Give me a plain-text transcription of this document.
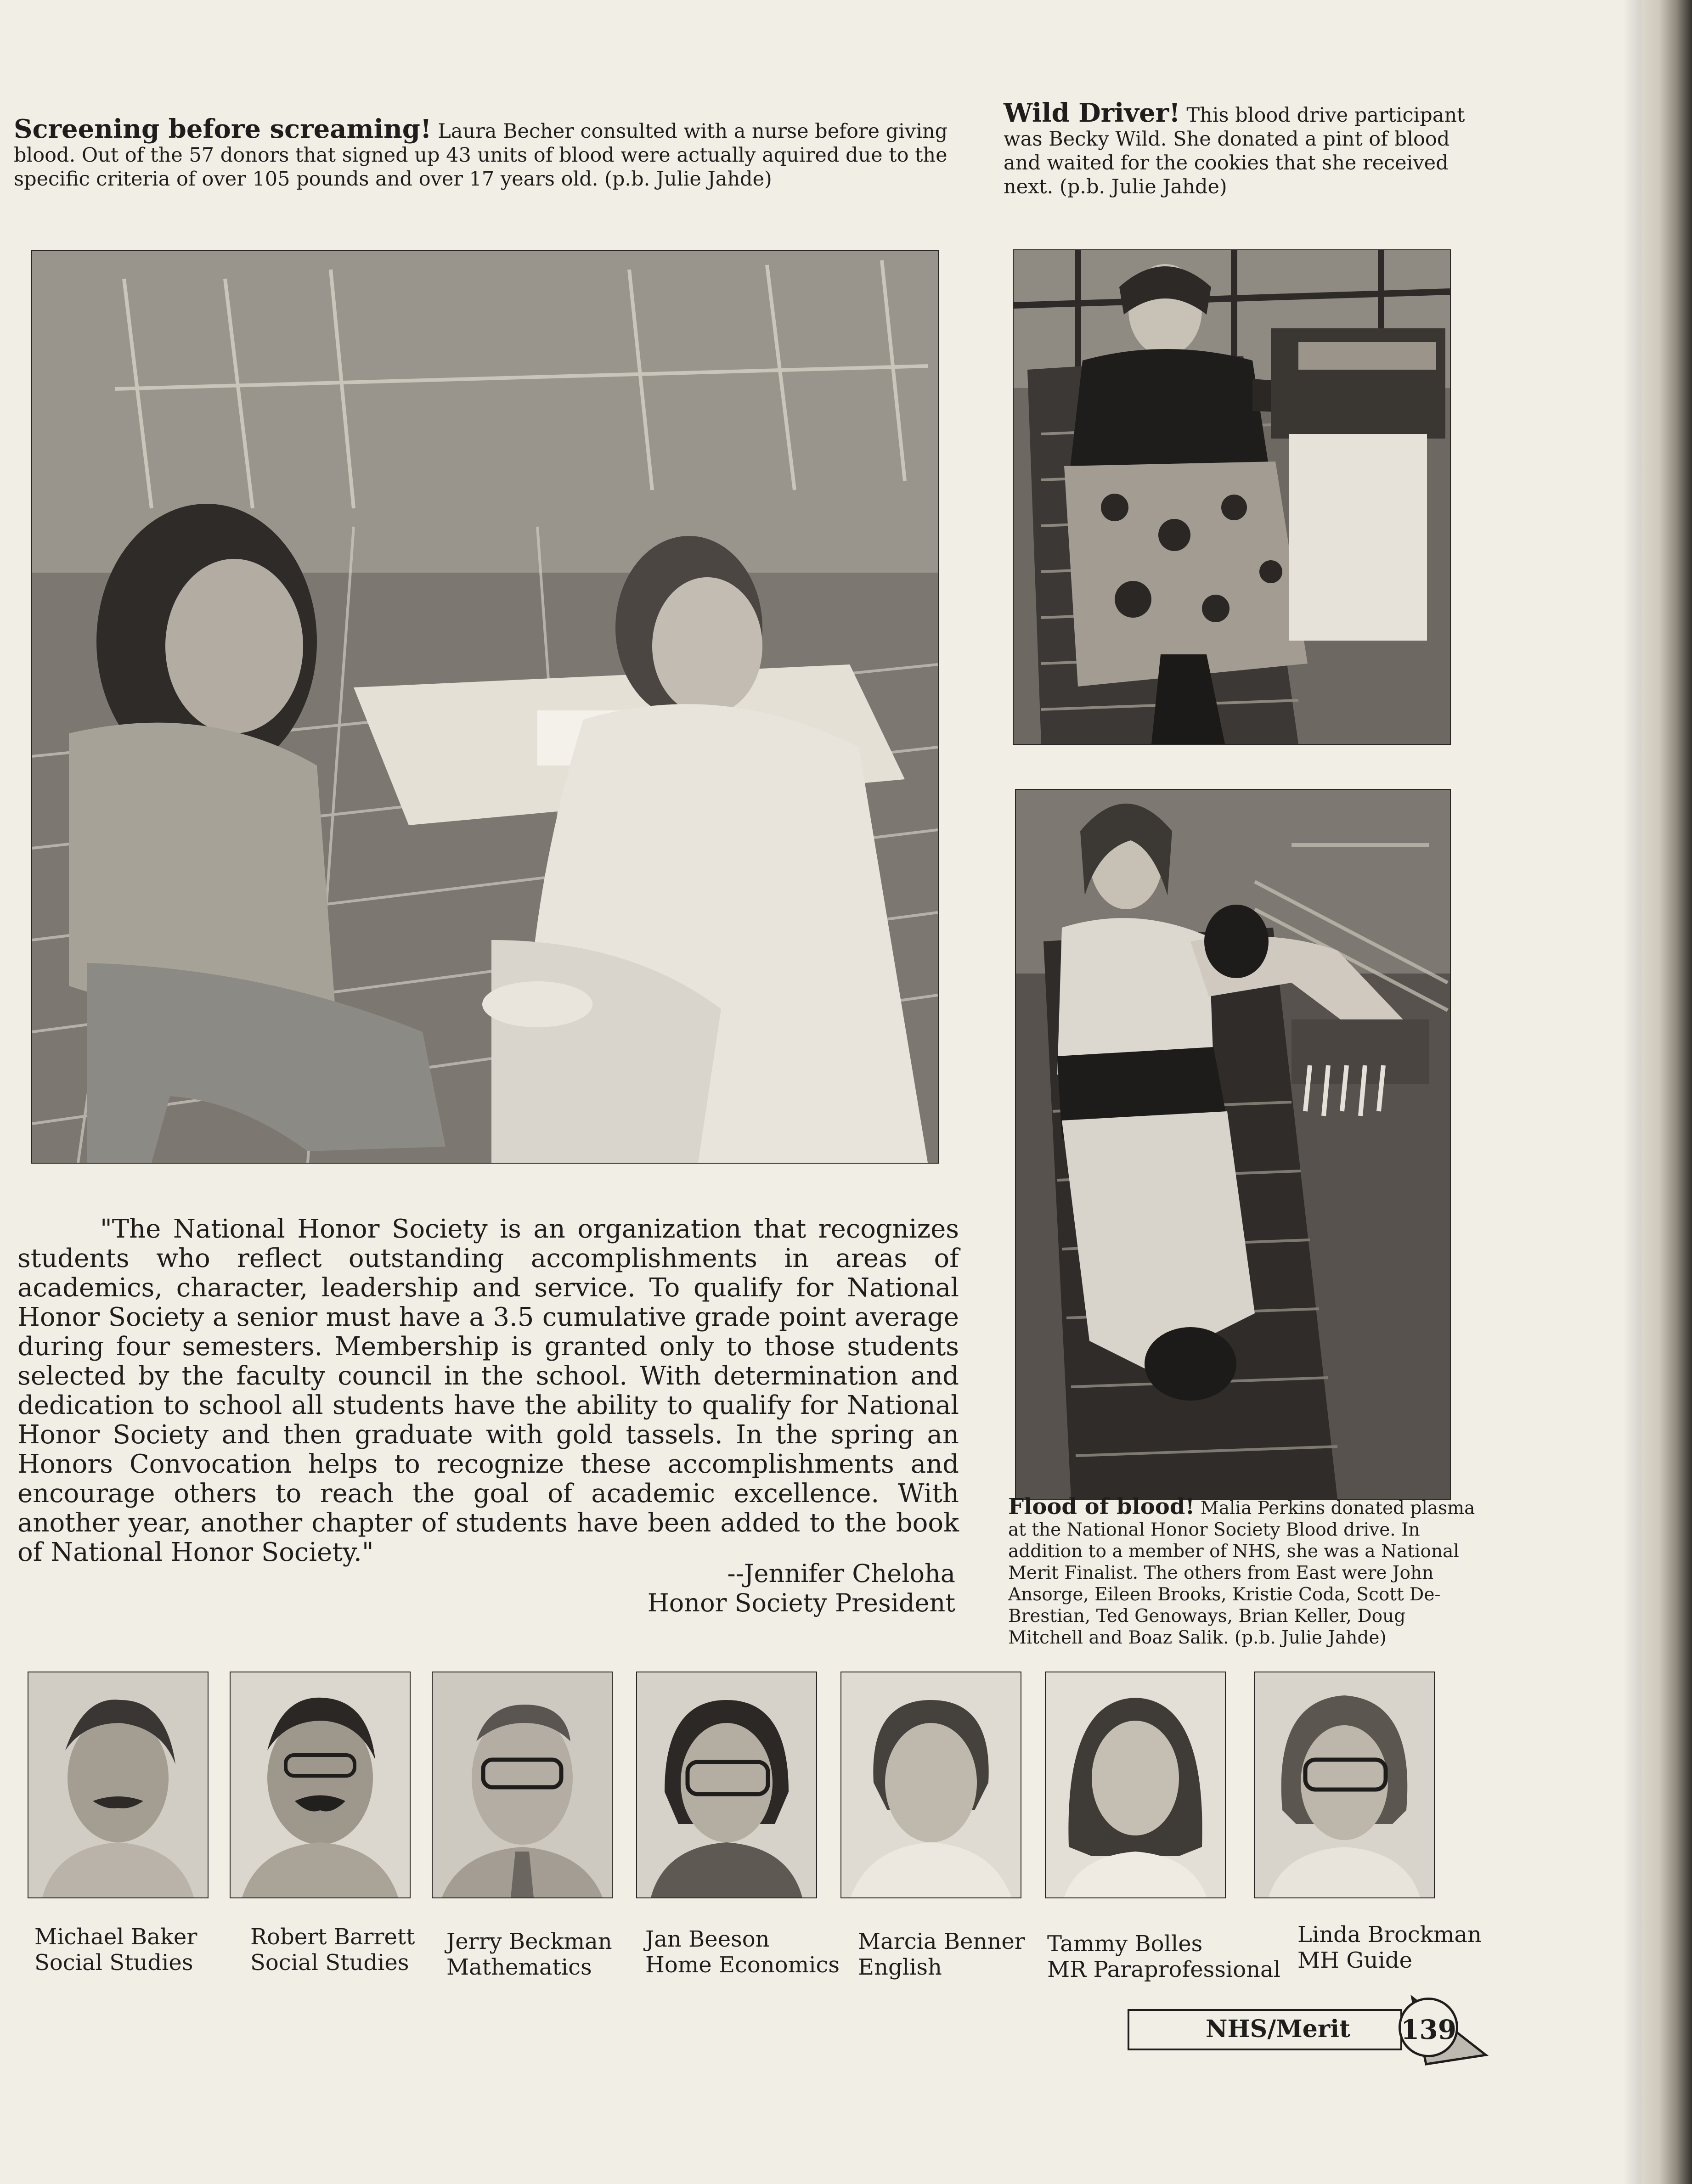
Screening before screaming! Laura Becher consulted with a nurse before giving blood. Out of the 57 donors that signed up 43 units of blood were actually aquired due to the specific criteria of over 105 pounds and over 17 years old. (p.b. Julie Jahde)
Wild Driver! This blood drive participant was Becky Wild. She donated a pint of blood and waited for the cookies that she received next. (p.b. Julie Jahde)

"The National Honor Society is an organization that recognizes students who reflect outstanding accomplishments in areas of academics, character, leadership and service. To qualify for National Honor Society a senior must have a 3.5 cumulative grade point average during four semesters. Membership is granted only to those students selected by the faculty council in the school. With determination and dedication to school all students have the ability to qualify for National Honor Society and then graduate with gold tassels. In the spring an Honors Convocation helps to recognize these accomplishments and encourage others to reach the goal of academic excellence. With another year, another chapter of students have been added to the book of National Honor Society."

--Jennifer Cheloha
Honor Society President
Flood of blood! Malia Perkins donated plasma at the National Honor Society Blood drive. In addition to a member of NHS, she was a National Merit Finalist. The others from East were John Ansorge, Eileen Brooks, Kristie Coda, Scott De-Brestian, Ted Genoways, Brian Keller, Doug Mitchell and Boaz Salik. (p.b. Julie Jahde)
Michael Baker
Social Studies
Robert Barrett
Social Studies
Jerry Beckman
Mathematics
Jan Beeson
Home Economics
Marcia Benner
English
Tammy Bolles
MR Paraprofessional
Linda Brockman
MH Guide
NHS/Merit 139
